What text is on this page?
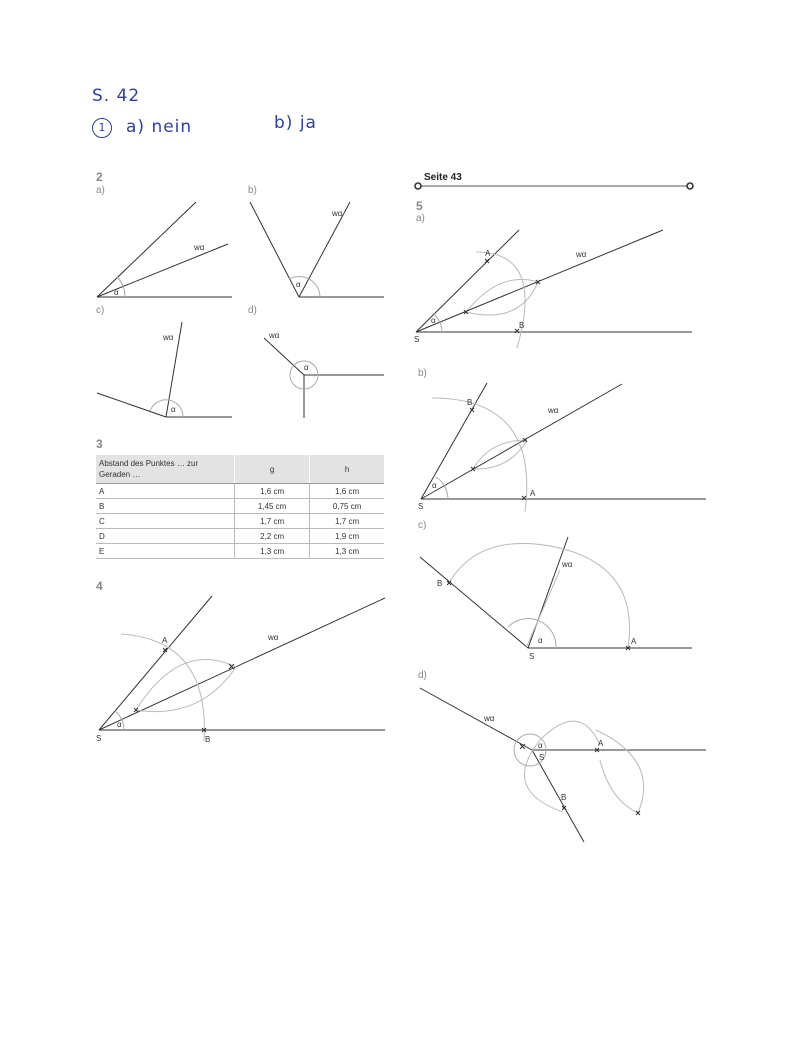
S. 42
1	a) nein	b) ja
2
a)	b)
c)	d)
3
4
Seite 43
5
a)
b)
c)
d)
Abstand des Punktes … zur Geraden …	g	h
A	1,6 cm	1,6 cm
B	1,45 cm	0,75 cm
C	1,7 cm	1,7 cm
D	2,2 cm	1,9 cm
E	1,3 cm	1,3 cm
wα
α
wα
α
wα
α
wα
α
A
B
S
wα
α
A
B
S
wα
α
B
A
S
wα
α
B
A
S
wα
α
wα
α
S
A
B
